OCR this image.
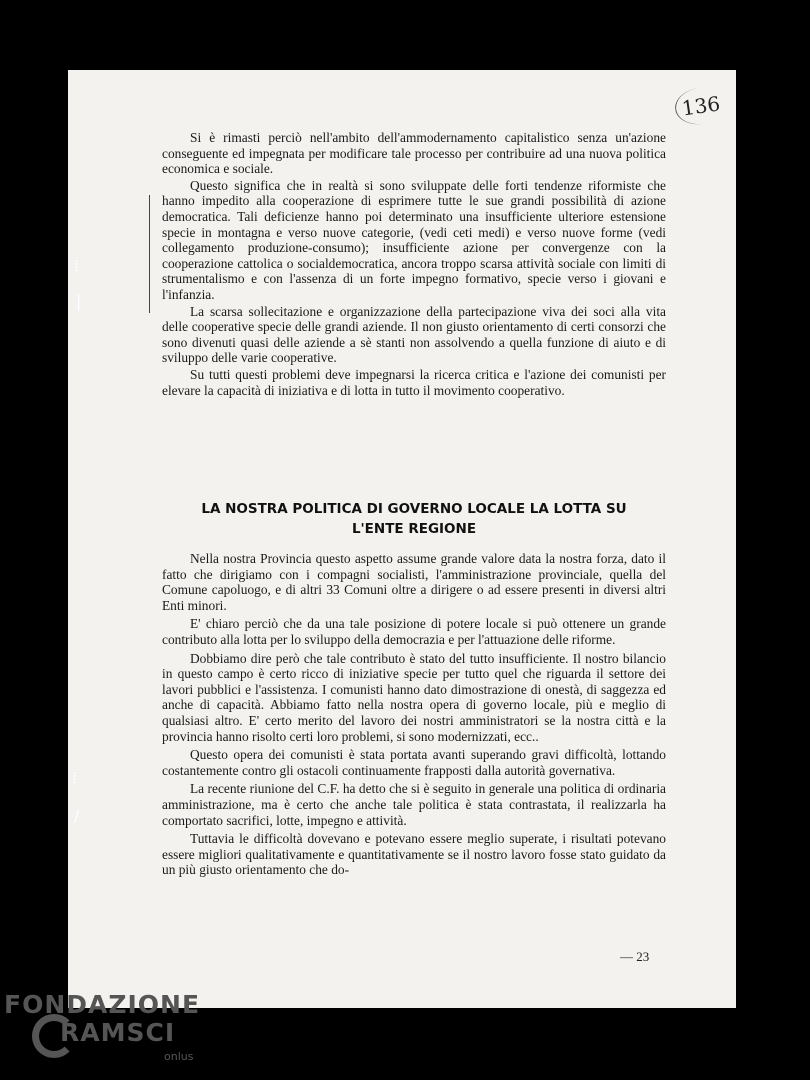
136
⁞
|
⁞
/

Si è rimasti perciò nell'ambito dell'ammodernamento capitalistico senza un'azione conseguente ed impegnata per modificare tale processo per contribuire ad una nuova politica economica e sociale.

Questo significa che in realtà si sono sviluppate delle forti tendenze riformiste che hanno impedito alla cooperazione di esprimere tutte le sue grandi possibilità di azione democratica. Tali deficienze hanno poi determinato una insufficiente ulteriore estensione specie in montagna e verso nuove categorie, (vedi ceti medi) e verso nuove forme (vedi collegamento produzione-consumo); insufficiente azione per convergenze con la cooperazione cattolica o socialdemocratica, ancora troppo scarsa attività sociale con limiti di strumentalismo e con l'assenza di un forte impegno formativo, specie verso i giovani e l'infanzia.

La scarsa sollecitazione e organizzazione della partecipazione viva dei soci alla vita delle cooperative specie delle grandi aziende. Il non giusto orientamento di certi consorzi che sono divenuti quasi delle aziende a sè stanti non assolvendo a quella funzione di aiuto e di sviluppo delle varie cooperative.

Su tutti questi problemi deve impegnarsi la ricerca critica e l'azione dei comunisti per elevare la capacità di iniziativa e di lotta in tutto il movimento cooperativo.

LA NOSTRA POLITICA DI GOVERNO LOCALE LA LOTTA SU
L'ENTE REGIONE

Nella nostra Provincia questo aspetto assume grande valore data la nostra forza, dato il fatto che dirigiamo con i compagni socialisti, l'amministrazione provinciale, quella del Comune capoluogo, e di altri 33 Comuni oltre a dirigere o ad essere presenti in diversi altri Enti minori.

E' chiaro perciò che da una tale posizione di potere locale si può ottenere un grande contributo alla lotta per lo sviluppo della democrazia e per l'attuazione delle riforme.

Dobbiamo dire però che tale contributo è stato del tutto insufficiente. Il nostro bilancio in questo campo è certo ricco di iniziative specie per tutto quel che riguarda il settore dei lavori pubblici e l'assistenza. I comunisti hanno dato dimostrazione di onestà, di saggezza ed anche di capacità. Abbiamo fatto nella nostra opera di governo locale, più e meglio di qualsiasi altro. E' certo merito del lavoro dei nostri amministratori se la nostra città e la provincia hanno risolto certi loro problemi, si sono modernizzati, ecc..

Questo opera dei comunisti è stata portata avanti superando gravi difficoltà, lottando costantemente contro gli ostacoli continuamente frapposti dalla autorità governativa.

La recente riunione del C.F. ha detto che si è seguito in generale una politica di ordinaria amministrazione, ma è certo che anche tale politica è stata contrastata, il realizzarla ha comportato sacrifici, lotte, impegno e attività.

Tuttavia le difficoltà dovevano e potevano essere meglio superate, i risultati potevano essere migliori qualitativamente e quantitativamente se il nostro lavoro fosse stato guidato da un più giusto orientamento che do-

— 23
FONDAZIONE
RAMSCI
onlus
